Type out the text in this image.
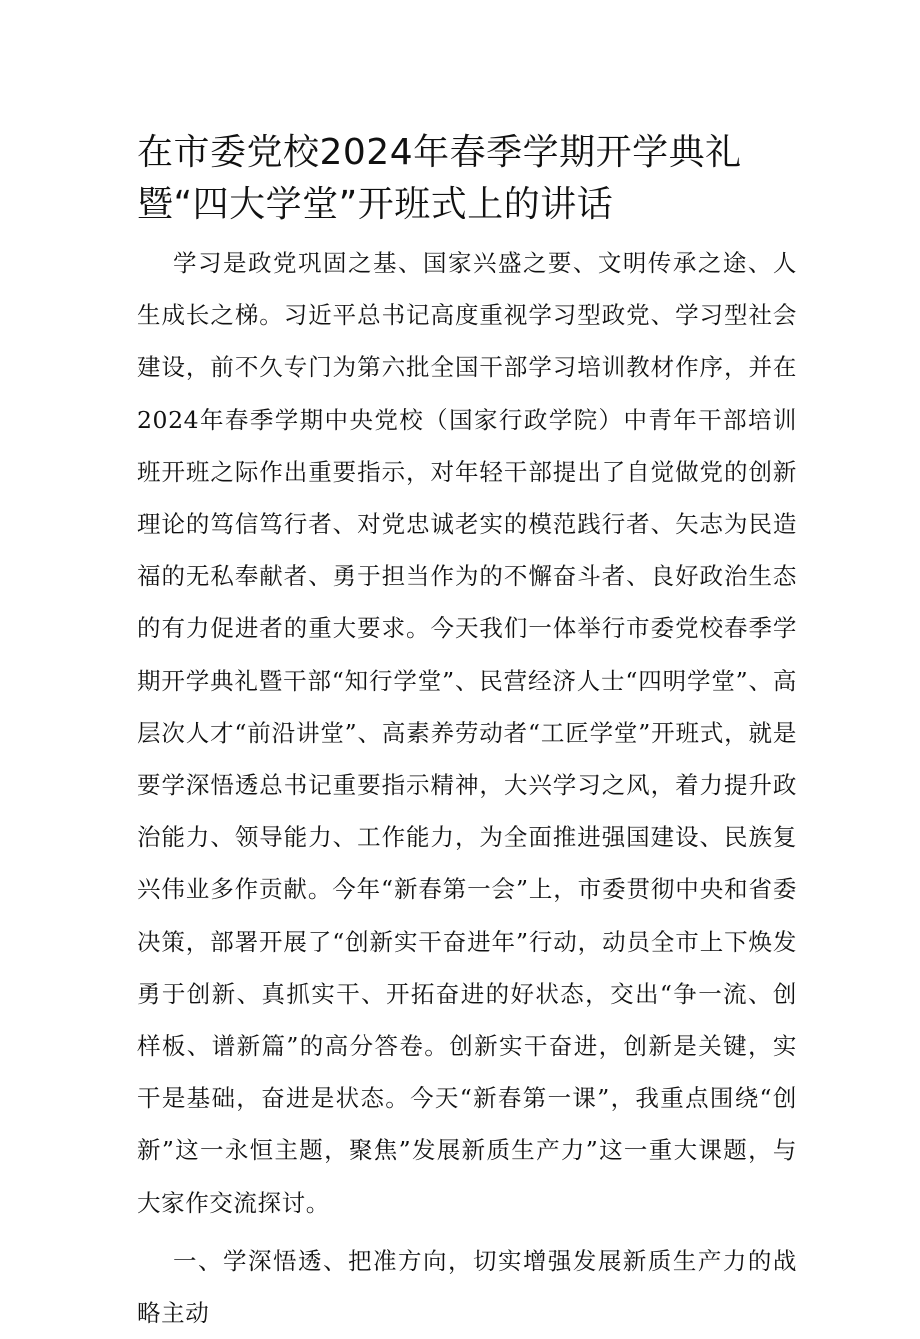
在市委党校2024年春季学期开学典礼暨“四大学堂”开班式上的讲话

学习是政党巩固之基、国家兴盛之要、文明传承之途、人生成长之梯。习近平总书记高度重视学习型政党、学习型社会建设，前不久专门为第六批全国干部学习培训教材作序，并在2024年春季学期中央党校（国家行政学院）中青年干部培训班开班之际作出重要指示，对年轻干部提出了自觉做党的创新理论的笃信笃行者、对党忠诚老实的模范践行者、矢志为民造福的无私奉献者、勇于担当作为的不懈奋斗者、良好政治生态的有力促进者的重大要求。今天我们一体举行市委党校春季学期开学典礼暨干部“知行学堂”、民营经济人士“四明学堂”、高层次人才“前沿讲堂”、高素养劳动者“工匠学堂”开班式，就是要学深悟透总书记重要指示精神，大兴学习之风，着力提升政治能力、领导能力、工作能力，为全面推进强国建设、民族复兴伟业多作贡献。今年“新春第一会”上，市委贯彻中央和省委决策，部署开展了“创新实干奋进年”行动，动员全市上下焕发勇于创新、真抓实干、开拓奋进的好状态，交出“争一流、创样板、谱新篇”的高分答卷。创新实干奋进，创新是关键，实干是基础，奋进是状态。今天“新春第一课”，我重点围绕“创新”这一永恒主题，聚焦”发展新质生产力”这一重大课题，与大家作交流探讨。

一、学深悟透、把准方向，切实增强发展新质生产力的战略主动
